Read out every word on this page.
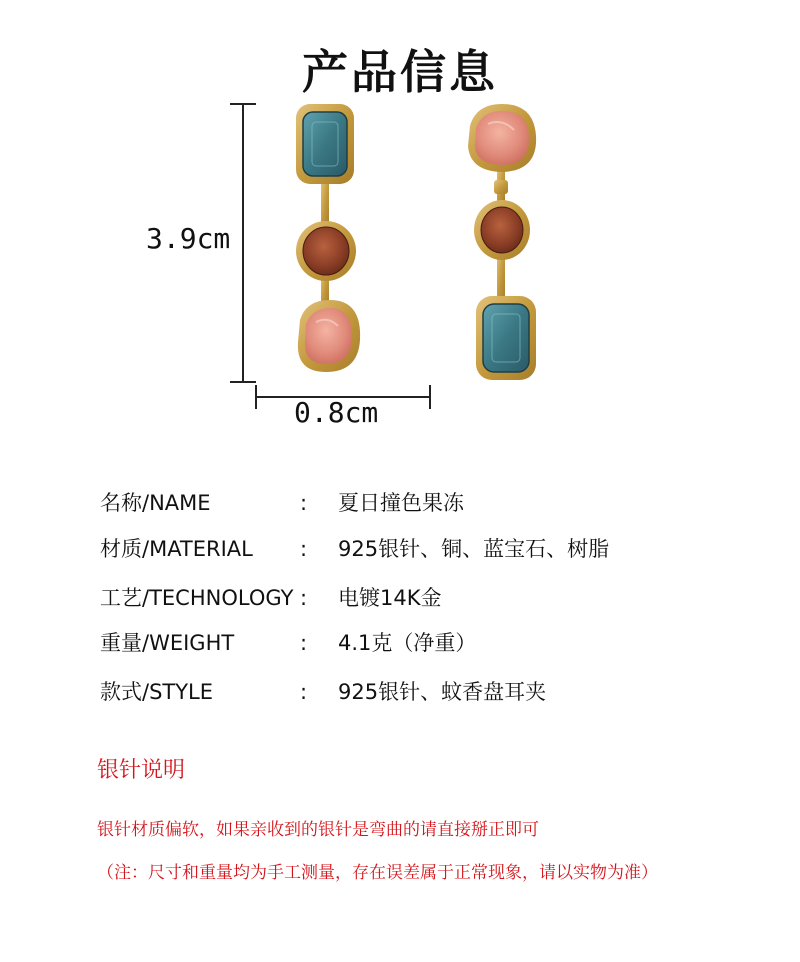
产品信息
3.9cm
0.8cm
名称/NAME	: 夏日撞色果冻
材质/MATERIAL : 925银针、铜、蓝宝石、树脂
工艺/TECHNOLOGY : 电镀14K金
重量/WEIGHT	: 4.1克（净重）
款式/STYLE	: 925银针、蚊香盘耳夹
银针说明
银针材质偏软，如果亲收到的银针是弯曲的请直接掰正即可
（注：尺寸和重量均为手工测量，存在误差属于正常现象，请以实物为准）
